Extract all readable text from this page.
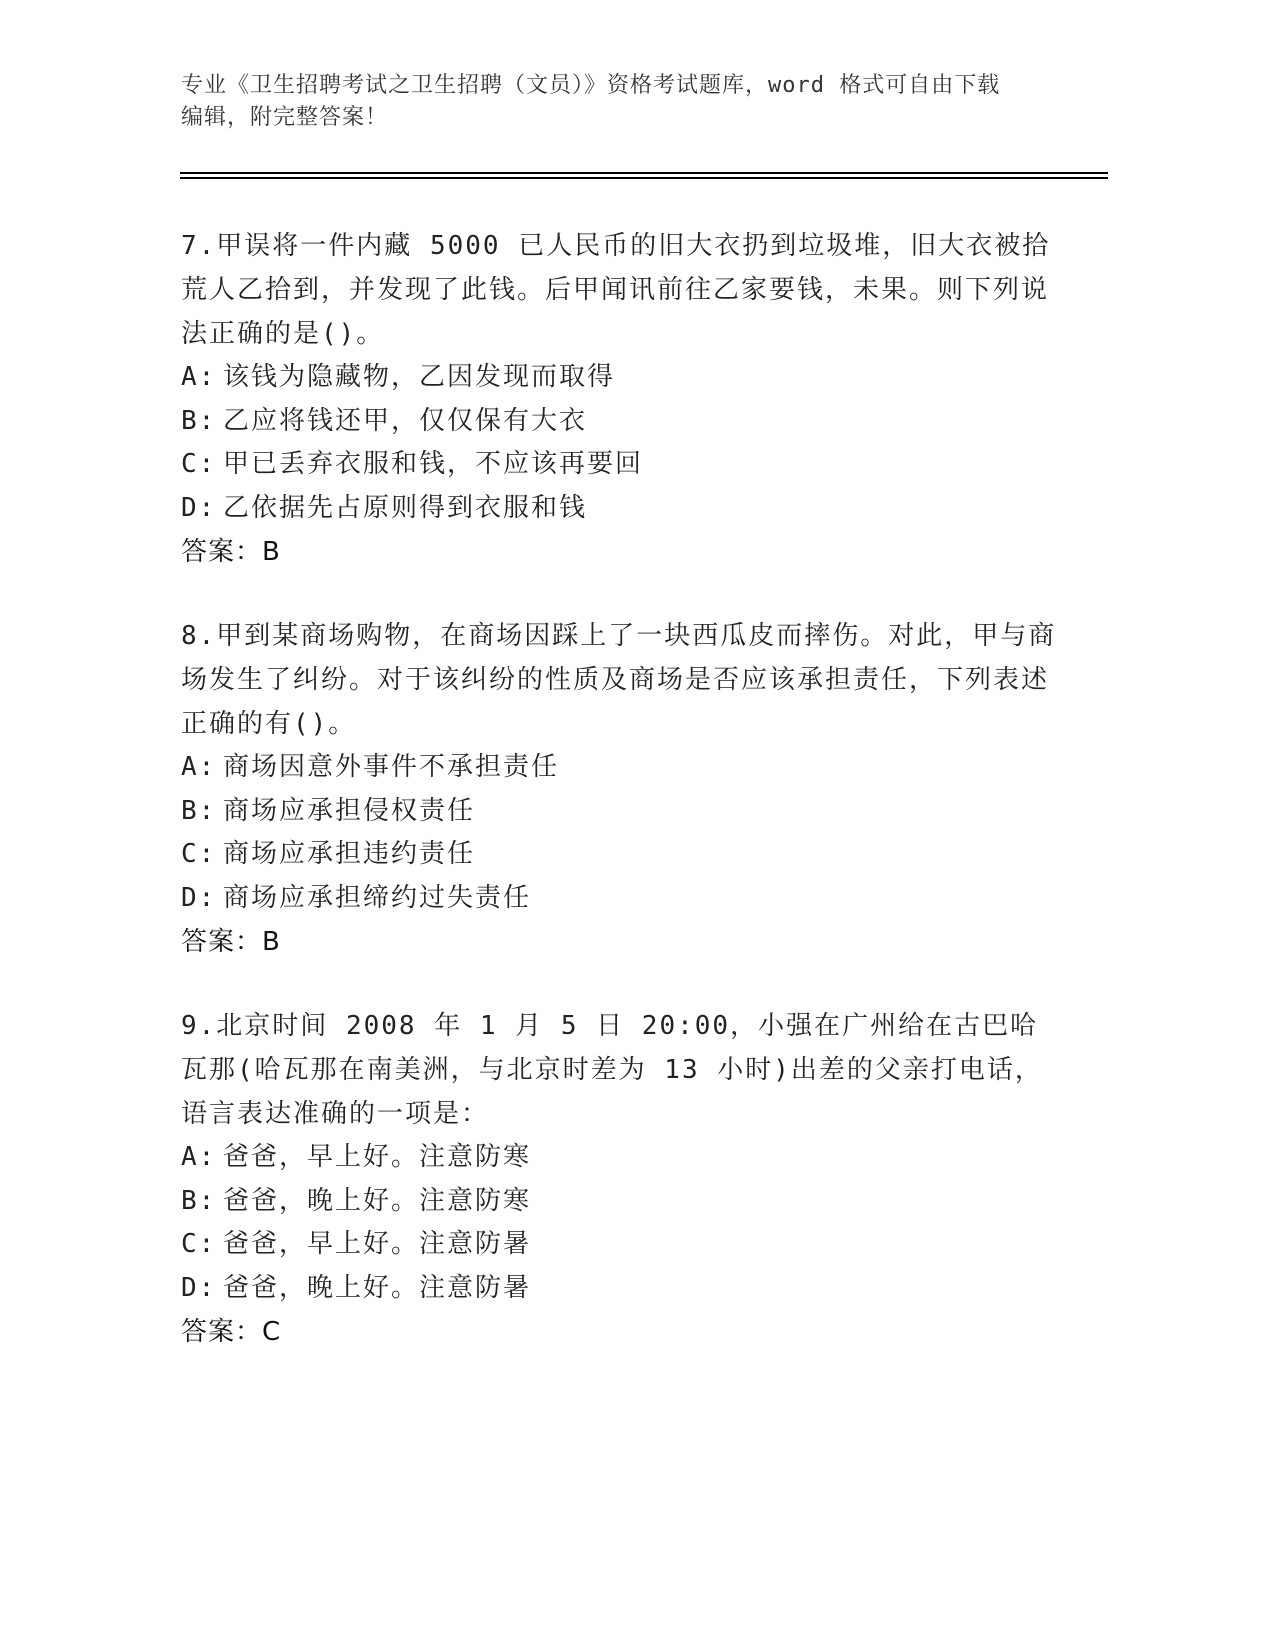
专业《卫生招聘考试之卫生招聘（文员）》资格考试题库，word 格式可自由下载
编辑，附完整答案！
7.甲误将一件内藏 5000 已人民币的旧大衣扔到垃圾堆，旧大衣被拾荒人乙拾到，并发现了此钱。后甲闻讯前往乙家要钱，未果。则下列说法正确的是()。
A: 该钱为隐藏物，乙因发现而取得
B: 乙应将钱还甲，仅仅保有大衣
C: 甲已丢弃衣服和钱，不应该再要回
D: 乙依据先占原则得到衣服和钱
答案：B
8.甲到某商场购物，在商场因踩上了一块西瓜皮而摔伤。对此，甲与商场发生了纠纷。对于该纠纷的性质及商场是否应该承担责任，下列表述正确的有()。
A: 商场因意外事件不承担责任
B: 商场应承担侵权责任
C: 商场应承担违约责任
D: 商场应承担缔约过失责任
答案：B
9.北京时间 2008 年 1 月 5 日 20:00，小强在广州给在古巴哈瓦那(哈瓦那在南美洲，与北京时差为 13 小时)出差的父亲打电话，语言表达准确的一项是：
A: 爸爸，早上好。注意防寒
B: 爸爸，晚上好。注意防寒
C: 爸爸，早上好。注意防暑
D: 爸爸，晚上好。注意防暑
答案：C
